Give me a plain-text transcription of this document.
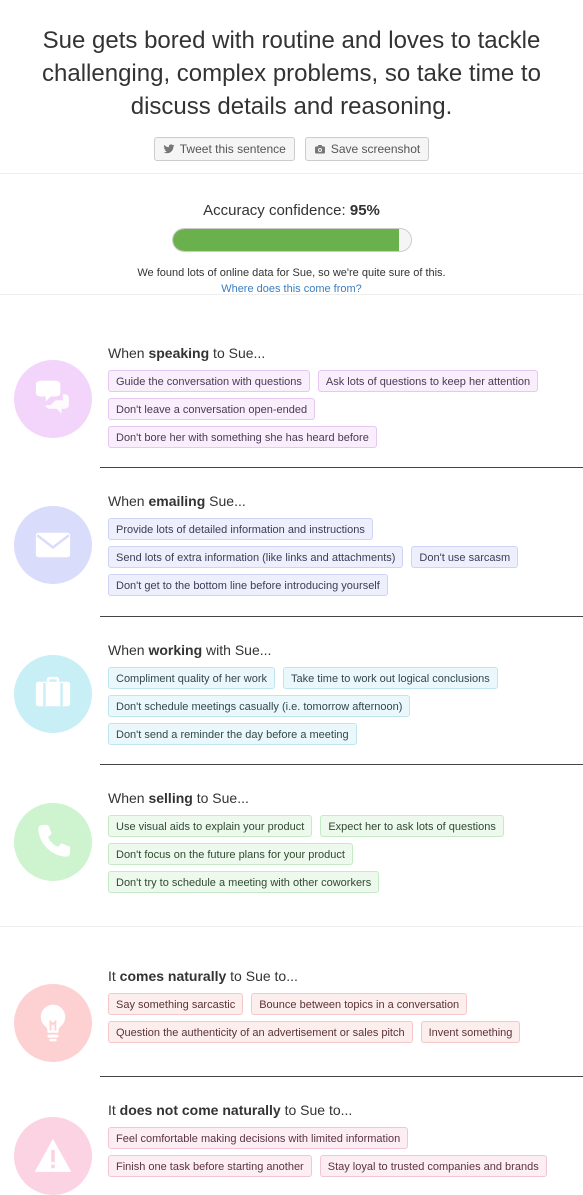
Sue gets bored with routine and loves to tackle challenging, complex problems, so take time to discuss details and reasoning.
Tweet this sentence	Save screenshot
Accuracy confidence: 95%
We found lots of online data for Sue, so we're quite sure of this.
Where does this come from?
When speaking to Sue...
Guide the conversation with questions	Ask lots of questions to keep her attention
Don't leave a conversation open-ended
Don't bore her with something she has heard before
When emailing Sue...
Provide lots of detailed information and instructions
Send lots of extra information (like links and attachments)	Don't use sarcasm
Don't get to the bottom line before introducing yourself
When working with Sue...
Compliment quality of her work	Take time to work out logical conclusions
Don't schedule meetings casually (i.e. tomorrow afternoon)
Don't send a reminder the day before a meeting
When selling to Sue...
Use visual aids to explain your product	Expect her to ask lots of questions
Don't focus on the future plans for your product
Don't try to schedule a meeting with other coworkers
It comes naturally to Sue to...
Say something sarcastic	Bounce between topics in a conversation
Question the authenticity of an advertisement or sales pitch	Invent something
It does not come naturally to Sue to...
Feel comfortable making decisions with limited information
Finish one task before starting another	Stay loyal to trusted companies and brands
